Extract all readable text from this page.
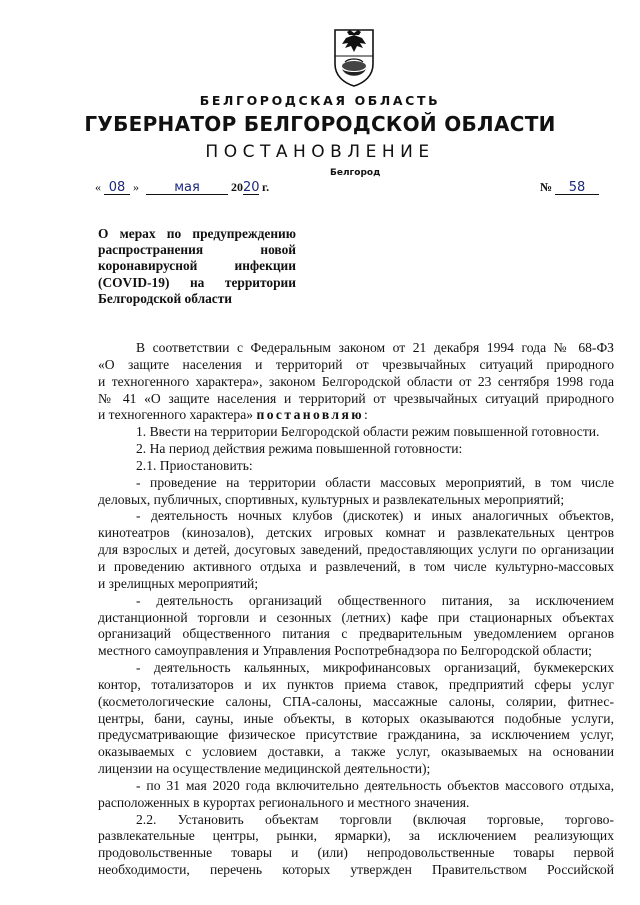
БЕЛГОРОДСКАЯ ОБЛАСТЬ
ГУБЕРНАТОР БЕЛГОРОДСКОЙ ОБЛАСТИ
ПОСТАНОВЛЕНИЕ
Белгород
« 08 »	мая	2020 г.	№ 58
О мерах по предупреждению
распространения новой
коронавирусной инфекции
(COVID-19) на территории
Белгородской области
В соответствии с Федеральным законом от 21 декабря 1994 года № 68-ФЗ
«О защите населения и территорий от чрезвычайных ситуаций природного
и техногенного характера», законом Белгородской области от 23 сентября 1998 года
№ 41 «О защите населения и территорий от чрезвычайных ситуаций природного
и техногенного характера» постановляю:
1. Ввести на территории Белгородской области режим повышенной готовности.
2. На период действия режима повышенной готовности:
2.1. Приостановить:
- проведение на территории области массовых мероприятий, в том числе
деловых, публичных, спортивных, культурных и развлекательных мероприятий;
- деятельность ночных клубов (дискотек) и иных аналогичных объектов,
кинотеатров (кинозалов), детских игровых комнат и развлекательных центров
для взрослых и детей, досуговых заведений, предоставляющих услуги по организации
и проведению активного отдыха и развлечений, в том числе культурно-массовых
и зрелищных мероприятий;
- деятельность организаций общественного питания, за исключением
дистанционной торговли и сезонных (летних) кафе при стационарных объектах
организаций общественного питания с предварительным уведомлением органов
местного самоуправления и Управления Роспотребнадзора по Белгородской области;
- деятельность кальянных, микрофинансовых организаций, букмекерских
контор, тотализаторов и их пунктов приема ставок, предприятий сферы услуг
(косметологические салоны, СПА-салоны, массажные салоны, солярии, фитнес-
центры, бани, сауны, иные объекты, в которых оказываются подобные услуги,
предусматривающие физическое присутствие гражданина, за исключением услуг,
оказываемых с условием доставки, а также услуг, оказываемых на основании
лицензии на осуществление медицинской деятельности);
- по 31 мая 2020 года включительно деятельность объектов массового отдыха,
расположенных в курортах регионального и местного значения.
2.2. Установить объектам торговли (включая торговые, торгово-
развлекательные центры, рынки, ярмарки), за исключением реализующих
продовольственные товары и (или) непродовольственные товары первой
необходимости, перечень которых утвержден Правительством Российской
